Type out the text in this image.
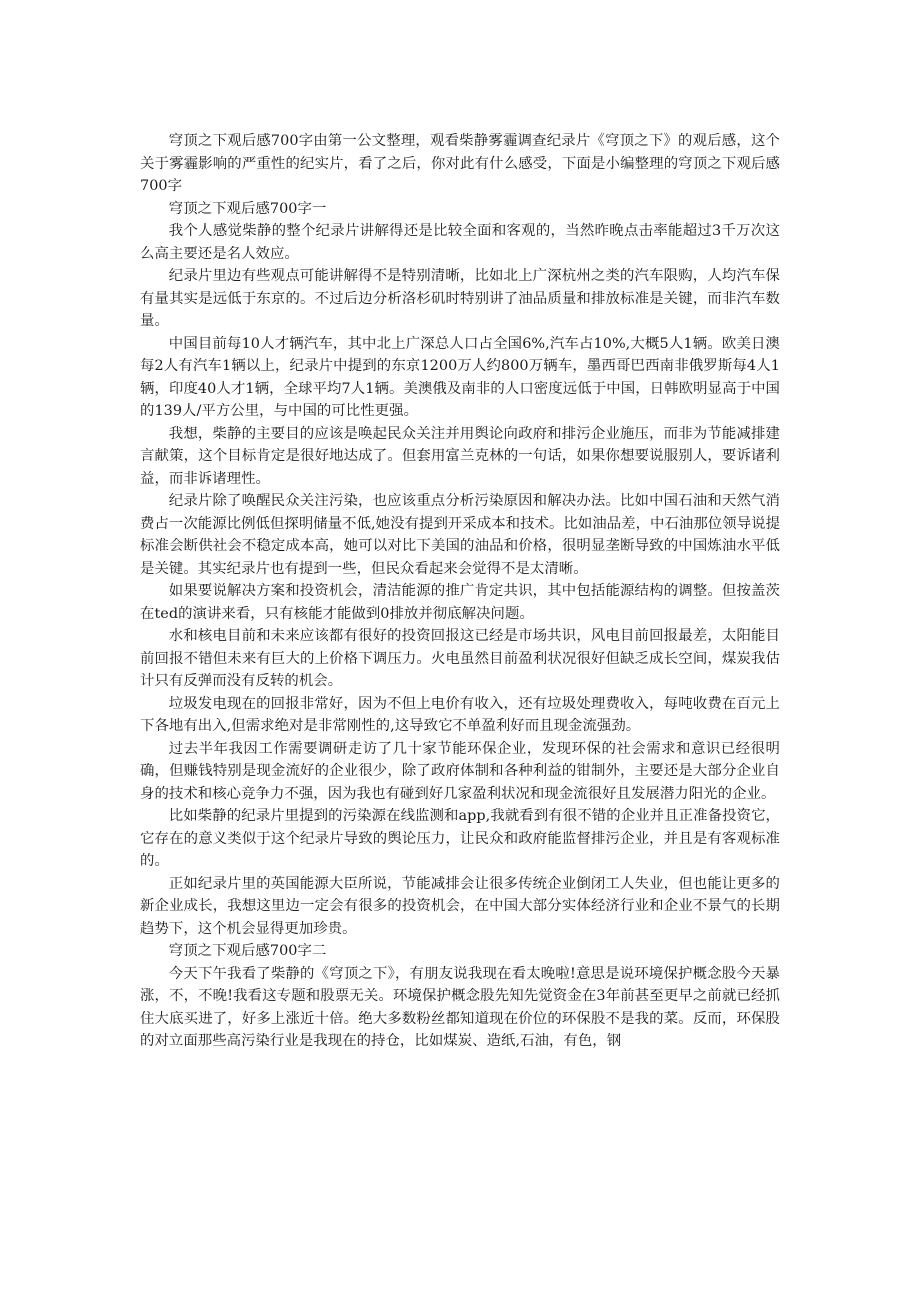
穹顶之下观后感700字由第一公文整理，观看柴静雾霾调查纪录片《穹顶之下》的观后感，这个关于雾霾影响的严重性的纪实片，看了之后，你对此有什么感受，下面是小编整理的穹顶之下观后感700字

穹顶之下观后感700字一

我个人感觉柴静的整个纪录片讲解得还是比较全面和客观的，当然昨晚点击率能超过3千万次这么高主要还是名人效应。

纪录片里边有些观点可能讲解得不是特别清晰，比如北上广深杭州之类的汽车限购，人均汽车保有量其实是远低于东京的。不过后边分析洛杉矶时特别讲了油品质量和排放标准是关键，而非汽车数量。

中国目前每10人才辆汽车，其中北上广深总人口占全国6%,汽车占10%,大概5人1辆。欧美日澳每2人有汽车1辆以上，纪录片中提到的东京1200万人约800万辆车，墨西哥巴西南非俄罗斯每4人1辆，印度40人才1辆，全球平均7人1辆。美澳俄及南非的人口密度远低于中国，日韩欧明显高于中国的139人/平方公里，与中国的可比性更强。

我想，柴静的主要目的应该是唤起民众关注并用舆论向政府和排污企业施压，而非为节能减排建言献策，这个目标肯定是很好地达成了。但套用富兰克林的一句话，如果你想要说服别人，要诉诸利益，而非诉诸理性。

纪录片除了唤醒民众关注污染，也应该重点分析污染原因和解决办法。比如中国石油和天然气消费占一次能源比例低但探明储量不低,她没有提到开采成本和技术。比如油品差，中石油那位领导说提标准会断供社会不稳定成本高，她可以对比下美国的油品和价格，很明显垄断导致的中国炼油水平低是关键。其实纪录片也有提到一些，但民众看起来会觉得不是太清晰。

如果要说解决方案和投资机会，清洁能源的推广肯定共识，其中包括能源结构的调整。但按盖茨在ted的演讲来看，只有核能才能做到0排放并彻底解决问题。

水和核电目前和未来应该都有很好的投资回报这已经是市场共识，风电目前回报最差，太阳能目前回报不错但未来有巨大的上价格下调压力。火电虽然目前盈利状况很好但缺乏成长空间，煤炭我估计只有反弹而没有反转的机会。

垃圾发电现在的回报非常好，因为不但上电价有收入，还有垃圾处理费收入，每吨收费在百元上下各地有出入,但需求绝对是非常刚性的,这导致它不单盈利好而且现金流强劲。

过去半年我因工作需要调研走访了几十家节能环保企业，发现环保的社会需求和意识已经很明确，但赚钱特别是现金流好的企业很少，除了政府体制和各种利益的钳制外，主要还是大部分企业自身的技术和核心竞争力不强，因为我也有碰到好几家盈利状况和现金流很好且发展潜力阳光的企业。

比如柴静的纪录片里提到的污染源在线监测和app,我就看到有很不错的企业并且正准备投资它，它存在的意义类似于这个纪录片导致的舆论压力，让民众和政府能监督排污企业，并且是有客观标准的。

正如纪录片里的英国能源大臣所说，节能减排会让很多传统企业倒闭工人失业，但也能让更多的新企业成长，我想这里边一定会有很多的投资机会，在中国大部分实体经济行业和企业不景气的长期趋势下，这个机会显得更加珍贵。

穹顶之下观后感700字二

今天下午我看了柴静的《穹顶之下》，有朋友说我现在看太晚啦!意思是说环境保护概念股今天暴涨，不，不晚!我看这专题和股票无关。环境保护概念股先知先觉资金在3年前甚至更早之前就已经抓住大底买进了，好多上涨近十倍。绝大多数粉丝都知道现在价位的环保股不是我的菜。反而，环保股的对立面那些高污染行业是我现在的持仓，比如煤炭、造纸,石油，有色，钢
